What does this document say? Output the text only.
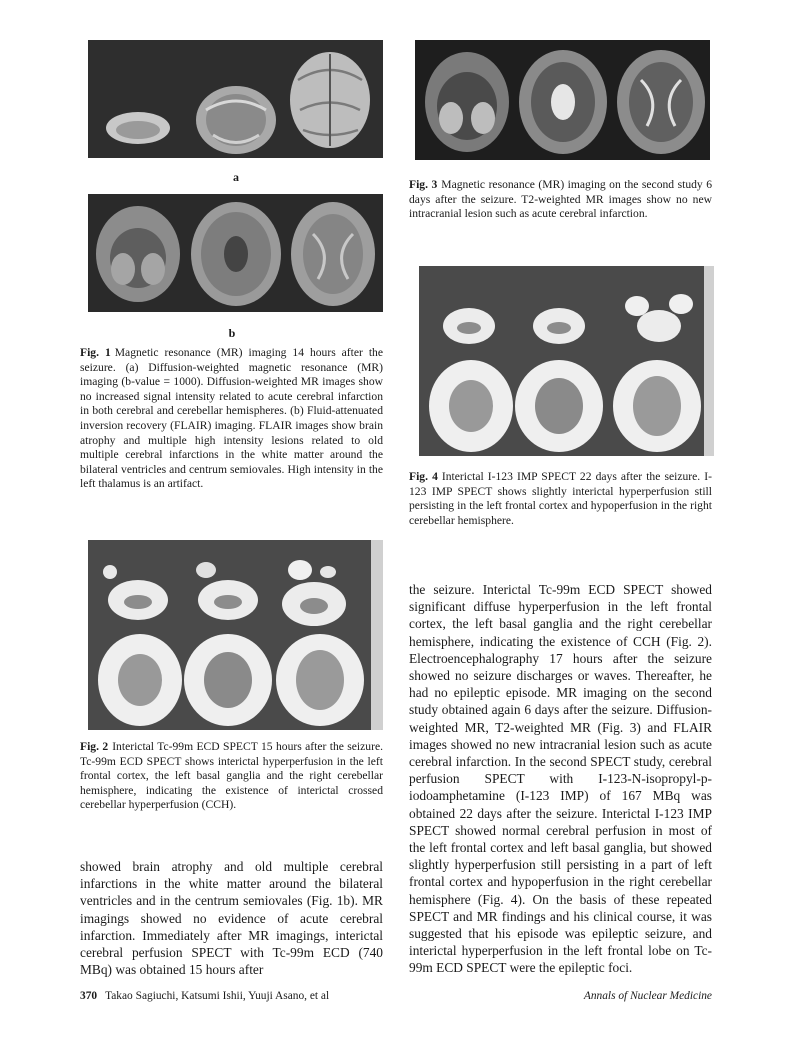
a
b
Fig. 1 Magnetic resonance (MR) imaging 14 hours after the seizure. (a) Diffusion-weighted magnetic resonance (MR) imaging (b-value = 1000). Diffusion-weighted MR images show no increased signal intensity related to acute cerebral infarction in both cerebral and cerebellar hemispheres. (b) Fluid-attenuated inversion recovery (FLAIR) imaging. FLAIR images show brain atrophy and multiple high intensity lesions related to old multiple cerebral infarctions in the white matter around the bilateral ventricles and centrum semiovales. High intensity in the left thalamus is an artifact.
Fig. 2 Interictal Tc-99m ECD SPECT 15 hours after the seizure. Tc-99m ECD SPECT shows interictal hyperperfusion in the left frontal cortex, the left basal ganglia and the right cerebellar hemisphere, indicating the existence of interictal crossed cerebellar hyperperfusion (CCH).

showed brain atrophy and old multiple cerebral infarctions in the white matter around the bilateral ventricles and in the centrum semiovales (Fig. 1b). MR imagings showed no evidence of acute cerebral infarction. Immediately after MR imagings, interictal cerebral perfusion SPECT with Tc-99m ECD (740 MBq) was obtained 15 hours after

Fig. 3 Magnetic resonance (MR) imaging on the second study 6 days after the seizure. T2-weighted MR images show no new intracranial lesion such as acute cerebral infarction.
Fig. 4 Interictal I-123 IMP SPECT 22 days after the seizure. I-123 IMP SPECT shows slightly interictal hyperperfusion still persisting in the left frontal cortex and hypoperfusion in the right cerebellar hemisphere.

the seizure. Interictal Tc-99m ECD SPECT showed significant diffuse hyperperfusion in the left frontal cortex, the left basal ganglia and the right cerebellar hemisphere, indicating the existence of CCH (Fig. 2). Electroencephalography 17 hours after the seizure showed no seizure discharges or waves. Thereafter, he had no epileptic episode. MR imaging on the second study obtained again 6 days after the seizure. Diffusion-weighted MR, T2-weighted MR (Fig. 3) and FLAIR images showed no new intracranial lesion such as acute cerebral infarction. In the second SPECT study, cerebral perfusion SPECT with I-123-N-isopropyl-p-iodoamphetamine (I-123 IMP) of 167 MBq was obtained 22 days after the seizure. Interictal I-123 IMP SPECT showed normal cerebral perfusion in most of the left frontal cortex and left basal ganglia, but showed slightly hyperperfusion still persisting in a part of left frontal cortex and hypoperfusion in the right cerebellar hemisphere (Fig. 4). On the basis of these repeated SPECT and MR findings and his clinical course, it was suggested that his episode was epileptic seizure, and interictal hyperperfusion in the left frontal lobe on Tc-99m ECD SPECT were the epileptic foci.

370 Takao Sagiuchi, Katsumi Ishii, Yuuji Asano, et al	Annals of Nuclear Medicine
